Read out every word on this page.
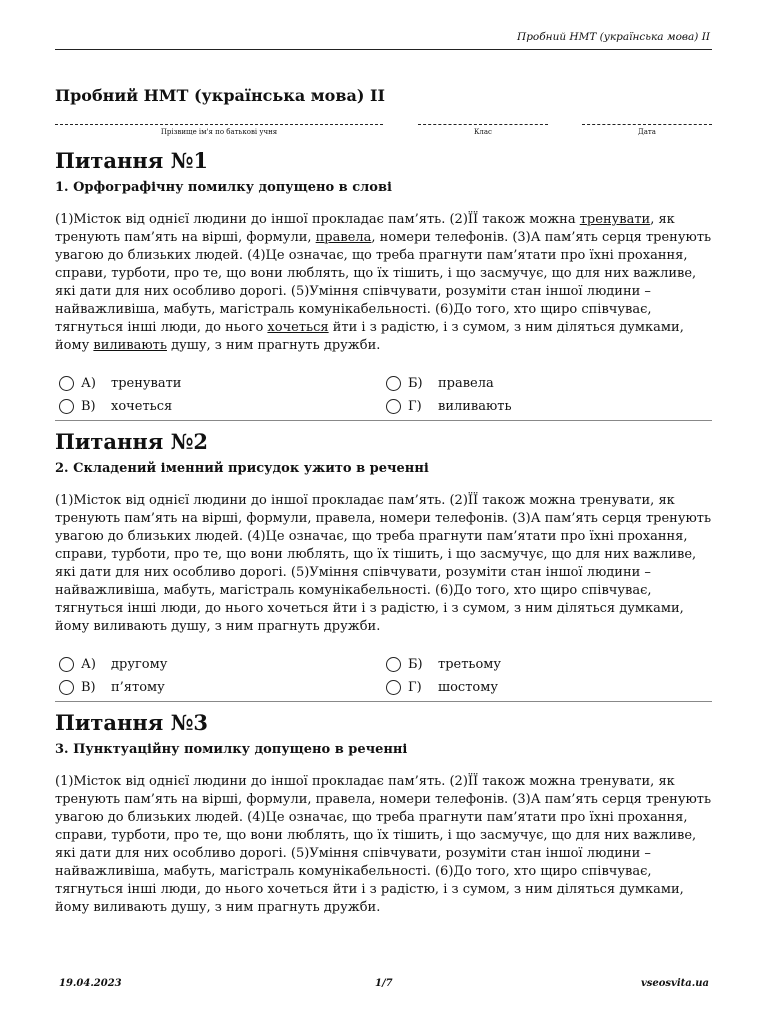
Пробний НМТ (українська мова) II
Пробний НМТ (українська мова) II
Прізвище ім'я по батькові учня	Клас	Дата
Питання №1
1. Орфографічну помилку допущено в слові
(1)Місток від однієї людини до іншої прокладає пам’ять. (2)ЇЇ також можна тренувати, як тренують пам’ять на вірші, формули, правела, номери телефонів. (3)А пам’ять серця тренують увагою до близьких людей. (4)Це означає, що треба прагнути пам’ятати про їхні прохання, справи, турботи, про те, що вони люблять, що їх тішить, і що засмучує, що для них важливе, які дати для них особливо дорогі. (5)Уміння співчувати, розуміти стан іншої людини – найважливіша, мабуть, магістраль комунікабельності. (6)До того, хто щиро співчуває, тягнуться інші люди, до нього хочеться йти і з радістю, і з сумом, з ним діляться думками, йому виливають душу, з ним прагнуть дружби.
А)	тренувати	Б)	правела
В)	хочеться	Г)	виливають
Питання №2
2. Складений іменний присудок ужито в реченні
(1)Місток від однієї людини до іншої прокладає пам’ять. (2)ЇЇ також можна тренувати, як тренують пам’ять на вірші, формули, правела, номери телефонів. (3)А пам’ять серця тренують увагою до близьких людей. (4)Це означає, що треба прагнути пам’ятати про їхні прохання, справи, турботи, про те, що вони люблять, що їх тішить, і що засмучує, що для них важливе, які дати для них особливо дорогі. (5)Уміння співчувати, розуміти стан іншої людини – найважливіша, мабуть, магістраль комунікабельності. (6)До того, хто щиро співчуває, тягнуться інші люди, до нього хочеться йти і з радістю, і з сумом, з ним діляться думками, йому виливають душу, з ним прагнуть дружби.
А)	другому	Б)	третьому
В)	п’ятому	Г)	шостому
Питання №3
3. Пунктуаційну помилку допущено в реченні
(1)Місток від однієї людини до іншої прокладає пам’ять. (2)ЇЇ також можна тренувати, як тренують пам’ять на вірші, формули, правела, номери телефонів. (3)А пам’ять серця тренують увагою до близьких людей. (4)Це означає, що треба прагнути пам’ятати про їхні прохання, справи, турботи, про те, що вони люблять, що їх тішить, і що засмучує, що для них важливе, які дати для них особливо дорогі. (5)Уміння співчувати, розуміти стан іншої людини – найважливіша, мабуть, магістраль комунікабельності. (6)До того, хто щиро співчуває, тягнуться інші люди, до нього хочеться йти і з радістю, і з сумом, з ним діляться думками, йому виливають душу, з ним прагнуть дружби.
19.04.2023	1/7	vseosvita.ua
